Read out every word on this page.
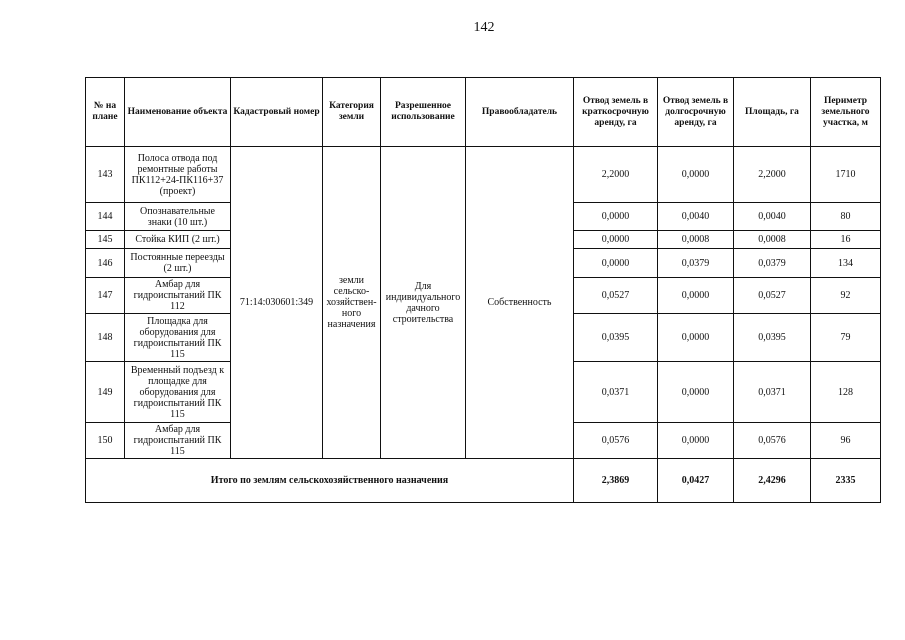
142
№ на плане	Наименование объекта	Кадастровый номер	Категория земли	Разрешенное использование	Правообладатель	Отвод земель в краткосрочную аренду, га	Отвод земель в долгосрочную аренду, га	Площадь, га	Периметр земельного участка, м
143	Полоса отвода под ремонтные работы ПК112+24-ПК116+37 (проект)	71:14:030601:349	земли сельско-хозяйствен-ного назначения	Для индивидуального дачного строительства	Собственность	2,2000	0,0000	2,2000	1710
144	Опознавательные знаки (10 шт.)					0,0000	0,0040	0,0040	80
145	Стойка КИП (2 шт.)					0,0000	0,0008	0,0008	16
146	Постоянные переезды (2 шт.)					0,0000	0,0379	0,0379	134
147	Амбар для гидроиспытаний ПК 112					0,0527	0,0000	0,0527	92
148	Площадка для оборудования для гидроиспытаний ПК 115					0,0395	0,0000	0,0395	79
149	Временный подъезд к площадке для оборудования для гидроиспытаний ПК 115					0,0371	0,0000	0,0371	128
150	Амбар для гидроиспытаний ПК 115					0,0576	0,0000	0,0576	96
Итого по землям сельскохозяйственного назначения						2,3869	0,0427	2,4296	2335
